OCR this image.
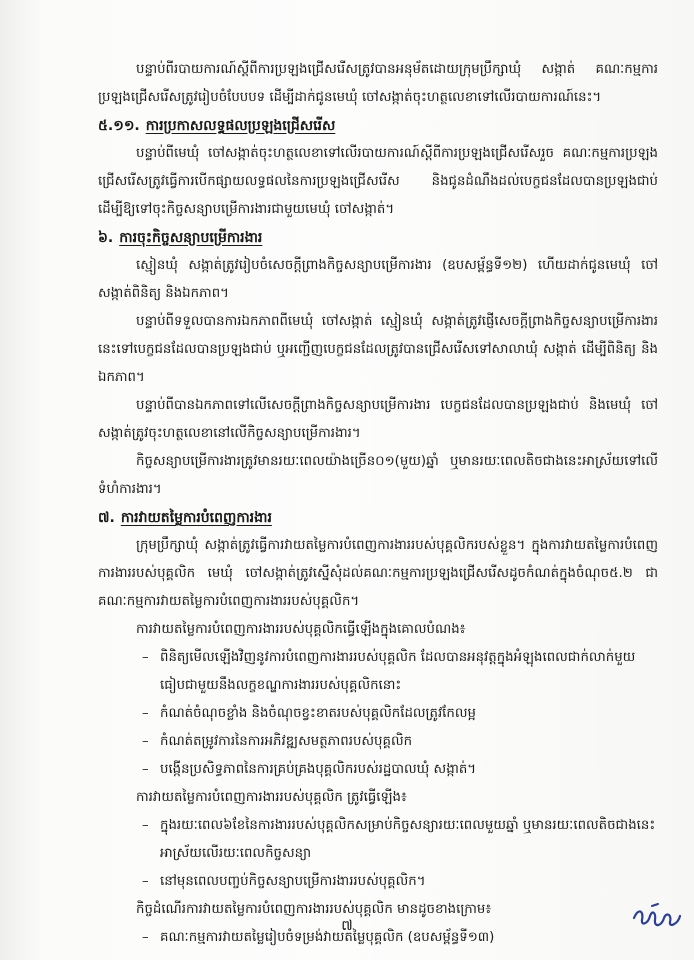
បន្ទាប់ពីរបាយការណ៍ស្តីពីការប្រឡងជ្រើសរើសត្រូវបានអនុម័តដោយក្រុមប្រឹក្សាឃុំ សង្កាត់ គណៈកម្មការប្រឡងជ្រើសរើសត្រូវរៀបចំបែបបទ ដើម្បីដាក់ជូនមេឃុំ ចៅសង្កាត់ចុះហត្ថលេខាទៅលើរបាយការណ៍នេះ។

៥.១១. ការប្រកាសលទ្ធផលប្រឡងជ្រើសរើស

បន្ទាប់ពីមេឃុំ ចៅសង្កាត់ចុះហត្ថលេខាទៅលើរបាយការណ៍ស្តីពីការប្រឡងជ្រើសរើសរួច គណៈកម្មការប្រឡងជ្រើសរើសត្រូវធ្វើការបើកផ្សាយលទ្ធផលនៃការប្រឡងជ្រើសរើស និងជូនដំណឹងដល់បេក្ខជនដែលបានប្រឡងជាប់ ដើម្បីឱ្យទៅចុះកិច្ចសន្យាបម្រើការងារជាមួយមេឃុំ ចៅសង្កាត់។

៦. ការចុះកិច្ចសន្យាបម្រើការងារ

ស្មៀនឃុំ សង្កាត់ត្រូវរៀបចំសេចក្តីព្រាងកិច្ចសន្យាបម្រើការងារ (ឧបសម្ព័ន្ធទី១២) ហើយដាក់ជូនមេឃុំ ចៅសង្កាត់ពិនិត្យ និងឯកភាព។

បន្ទាប់ពីទទួលបានការឯកភាពពីមេឃុំ ចៅសង្កាត់ ស្មៀនឃុំ សង្កាត់ត្រូវផ្ញើសេចក្តីព្រាងកិច្ចសន្យាបម្រើការងារនេះទៅបេក្ខជនដែលបានប្រឡងជាប់ ឬអញ្ជើញបេក្ខជនដែលត្រូវបានជ្រើសរើសទៅសាលាឃុំ សង្កាត់ ដើម្បីពិនិត្យ និងឯកភាព។

បន្ទាប់ពីបានឯកភាពទៅលើសេចក្តីព្រាងកិច្ចសន្យាបម្រើការងារ បេក្ខជនដែលបានប្រឡងជាប់ និងមេឃុំ ចៅសង្កាត់ត្រូវចុះហត្ថលេខានៅលើកិច្ចសន្យាបម្រើការងារ។

កិច្ចសន្យាបម្រើការងារត្រូវមានរយៈពេលយ៉ាងច្រើន០១(មួយ)ឆ្នាំ ឬមានរយៈពេលតិចជាងនេះអាស្រ័យទៅលើទំហំការងារ។

៧. ការវាយតម្លៃការបំពេញការងារ

ក្រុមប្រឹក្សាឃុំ សង្កាត់ត្រូវធ្វើការវាយតម្លៃការបំពេញការងាររបស់បុគ្គលិករបស់ខ្លួន។ ក្នុងការវាយតម្លៃការបំពេញការងាររបស់បុគ្គលិក មេឃុំ ចៅសង្កាត់ត្រូវស្នើសុំដល់គណៈកម្មការប្រឡងជ្រើសរើសដូចកំណត់ក្នុងចំណុច៥.២ ជាគណៈកម្មការវាយតម្លៃការបំពេញការងាររបស់បុគ្គលិក។

ការវាយតម្លៃការបំពេញការងាររបស់បុគ្គលិកធ្វើឡើងក្នុងគោលបំណង៖

– ពិនិត្យមើលឡើងវិញនូវការបំពេញការងាររបស់បុគ្គលិក ដែលបានអនុវត្តក្នុងអំឡុងពេលជាក់លាក់មួយ ធៀបជាមួយនឹងលក្ខខណ្ឌការងាររបស់បុគ្គលិកនោះ
– កំណត់ចំណុចខ្លាំង និងចំណុចខ្វះខាតរបស់បុគ្គលិកដែលត្រូវកែលម្អ
– កំណត់តម្រូវការនៃការអភិវឌ្ឍសមត្ថភាពរបស់បុគ្គលិក
– បង្កើនប្រសិទ្ធភាពនៃការគ្រប់គ្រងបុគ្គលិករបស់រដ្ឋបាលឃុំ សង្កាត់។

ការវាយតម្លៃការបំពេញការងាររបស់បុគ្គលិក ត្រូវធ្វើឡើង៖

– ក្នុងរយៈពេល៦ខែនៃការងាររបស់បុគ្គលិកសម្រាប់កិច្ចសន្យារយៈពេលមួយឆ្នាំ ឬមានរយៈពេលតិចជាងនេះអាស្រ័យលើរយៈពេលកិច្ចសន្យា
– នៅមុនពេលបញ្ចប់កិច្ចសន្យាបម្រើការងាររបស់បុគ្គលិក។

កិច្ចដំណើរការវាយតម្លៃការបំពេញការងាររបស់បុគ្គលិក មានដូចខាងក្រោម៖

– គណៈកម្មការវាយតម្លៃរៀបចំទម្រង់វាយតម្លៃបុគ្គលិក (ឧបសម្ព័ន្ធទី១៣)
៧
